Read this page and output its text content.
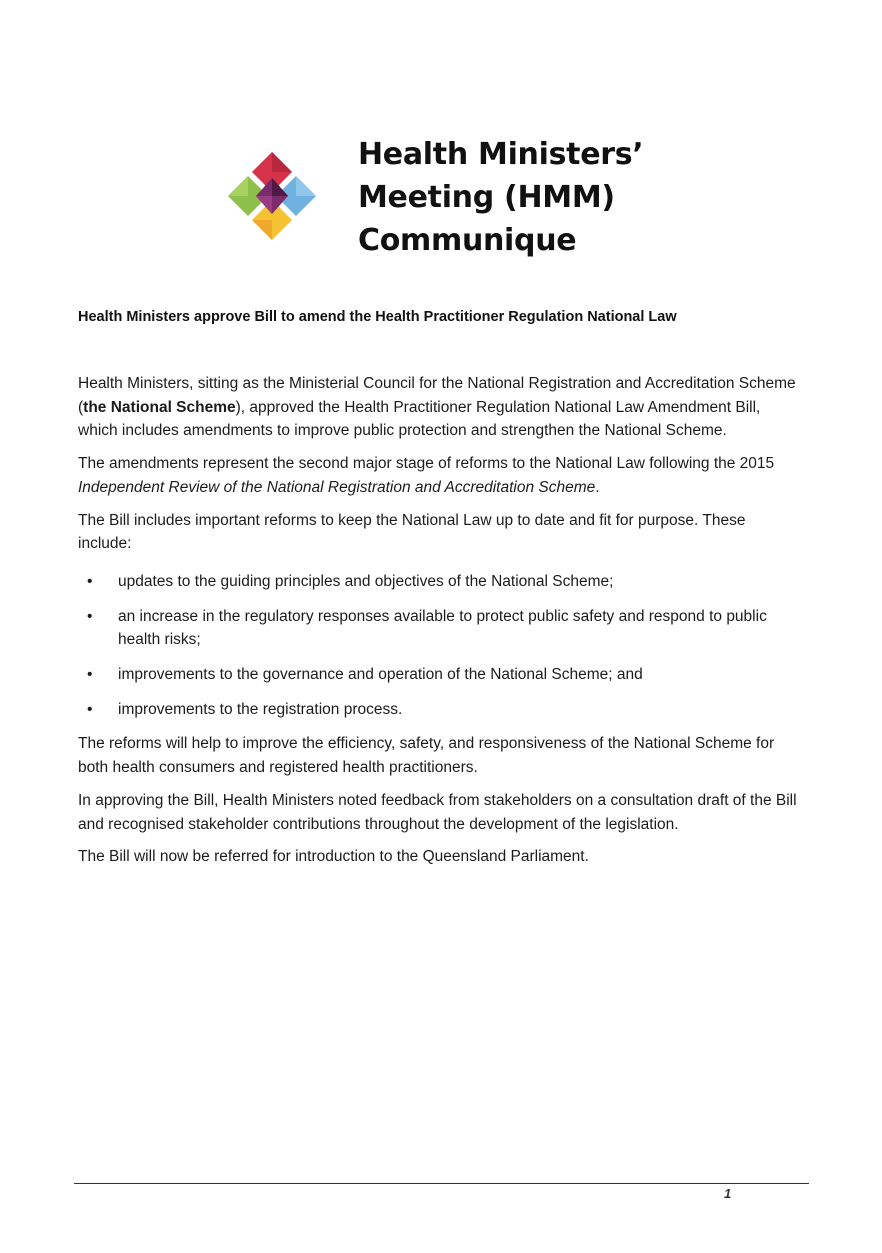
Health Ministers’
Meeting (HMM)
Communique
Health Ministers approve Bill to amend the Health Practitioner Regulation National Law

Health Ministers, sitting as the Ministerial Council for the National Registration and Accreditation Scheme (the National Scheme), approved the Health Practitioner Regulation National Law Amendment Bill, which includes amendments to improve public protection and strengthen the National Scheme.

The amendments represent the second major stage of reforms to the National Law following the 2015 Independent Review of the National Registration and Accreditation Scheme.

The Bill includes important reforms to keep the National Law up to date and fit for purpose. These include:

• updates to the guiding principles and objectives of the National Scheme;
• an increase in the regulatory responses available to protect public safety and respond to public health risks;
• improvements to the governance and operation of the National Scheme; and
• improvements to the registration process.

The reforms will help to improve the efficiency, safety, and responsiveness of the National Scheme for both health consumers and registered health practitioners.

In approving the Bill, Health Ministers noted feedback from stakeholders on a consultation draft of the Bill and recognised stakeholder contributions throughout the development of the legislation.

The Bill will now be referred for introduction to the Queensland Parliament.

1
